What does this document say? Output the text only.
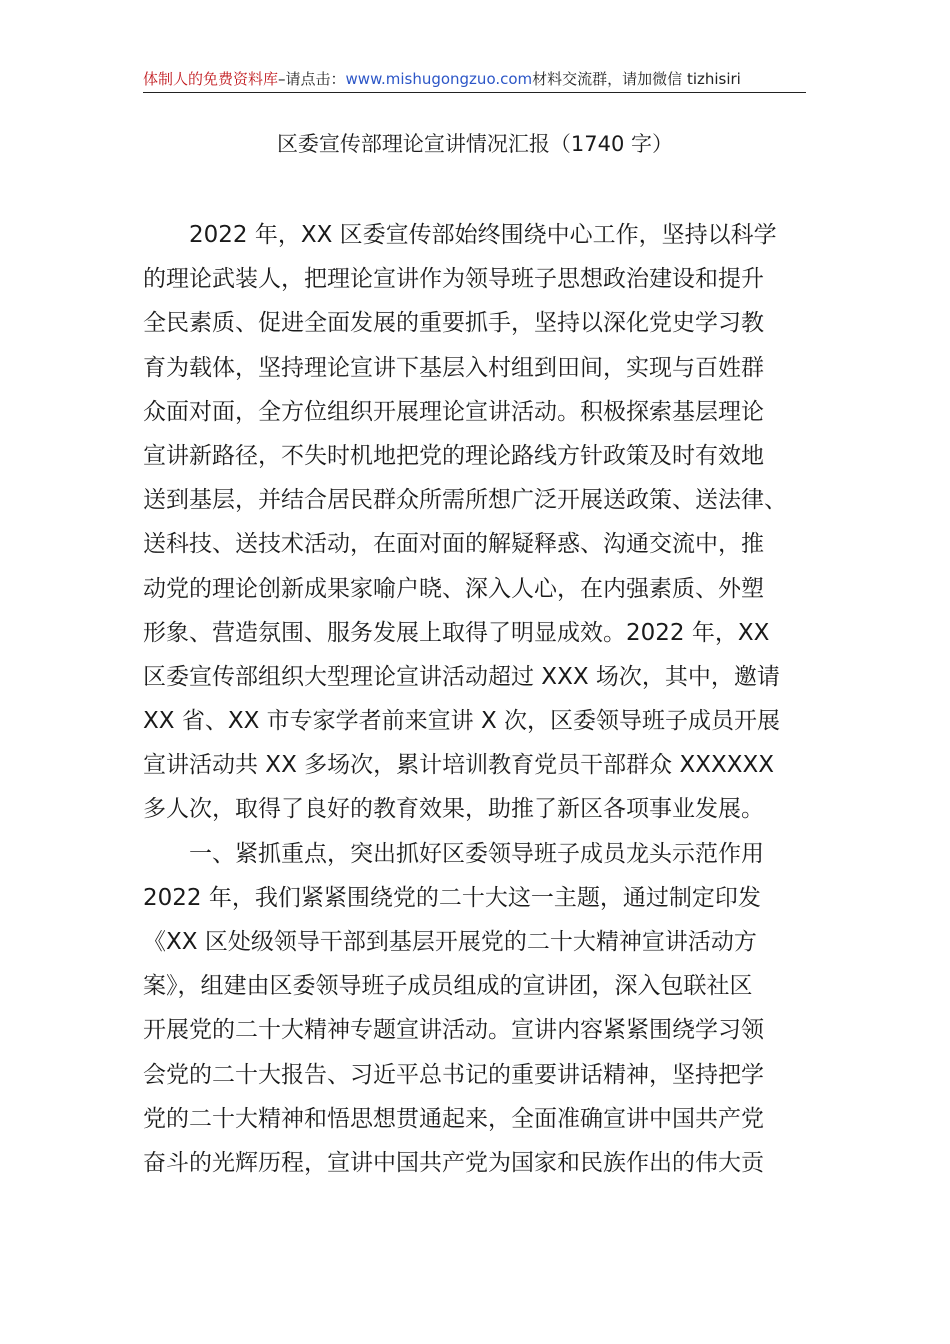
体制人的免费资料库–请点击：www.mishugongzuo.com材料交流群，请加微信 tizhisiri
区委宣传部理论宣讲情况汇报（1740 字）
2022 年，XX 区委宣传部始终围绕中心工作，坚持以科学
的理论武装人，把理论宣讲作为领导班子思想政治建设和提升
全民素质、促进全面发展的重要抓手，坚持以深化党史学习教
育为载体，坚持理论宣讲下基层入村组到田间，实现与百姓群
众面对面，全方位组织开展理论宣讲活动。积极探索基层理论
宣讲新路径，不失时机地把党的理论路线方针政策及时有效地
送到基层，并结合居民群众所需所想广泛开展送政策、送法律、
送科技、送技术活动，在面对面的解疑释惑、沟通交流中，推
动党的理论创新成果家喻户晓、深入人心，在内强素质、外塑
形象、营造氛围、服务发展上取得了明显成效。2022 年，XX
区委宣传部组织大型理论宣讲活动超过 XXX 场次，其中，邀请
XX 省、XX 市专家学者前来宣讲 X 次，区委领导班子成员开展
宣讲活动共 XX 多场次，累计培训教育党员干部群众 XXXXXX
多人次，取得了良好的教育效果，助推了新区各项事业发展。
一、紧抓重点，突出抓好区委领导班子成员龙头示范作用
2022 年，我们紧紧围绕党的二十大这一主题，通过制定印发
《XX 区处级领导干部到基层开展党的二十大精神宣讲活动方
案》，组建由区委领导班子成员组成的宣讲团，深入包联社区
开展党的二十大精神专题宣讲活动。宣讲内容紧紧围绕学习领
会党的二十大报告、习近平总书记的重要讲话精神，坚持把学
党的二十大精神和悟思想贯通起来，全面准确宣讲中国共产党
奋斗的光辉历程，宣讲中国共产党为国家和民族作出的伟大贡
